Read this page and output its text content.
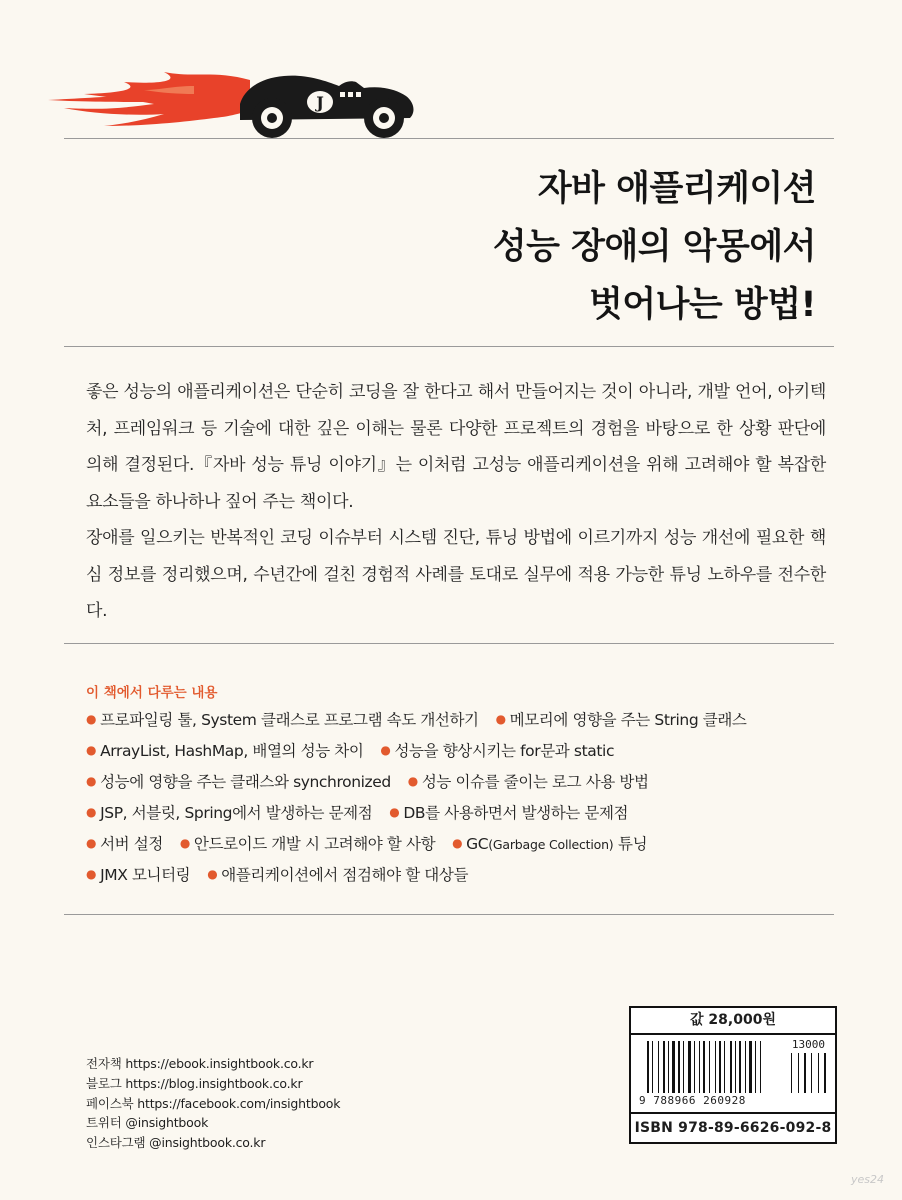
J
자바 애플리케이션
성능 장애의 악몽에서
벗어나는 방법!

좋은 성능의 애플리케이션은 단순히 코딩을 잘 한다고 해서 만들어지는 것이 아니라, 개발 언어, 아키텍처, 프레임워크 등 기술에 대한 깊은 이해는 물론 다양한 프로젝트의 경험을 바탕으로 한 상황 판단에 의해 결정된다.『자바 성능 튜닝 이야기』는 이처럼 고성능 애플리케이션을 위해 고려해야 할 복잡한 요소들을 하나하나 짚어 주는 책이다.

장애를 일으키는 반복적인 코딩 이슈부터 시스템 진단, 튜닝 방법에 이르기까지 성능 개선에 필요한 핵심 정보를 정리했으며, 수년간에 걸친 경험적 사례를 토대로 실무에 적용 가능한 튜닝 노하우를 전수한다.

이 책에서 다루는 내용
● 프로파일링 툴, System 클래스로 프로그램 속도 개선하기 ● 메모리에 영향을 주는 String 클래스
● ArrayList, HashMap, 배열의 성능 차이 ● 성능을 향상시키는 for문과 static
● 성능에 영향을 주는 클래스와 synchronized ● 성능 이슈를 줄이는 로그 사용 방법
● JSP, 서블릿, Spring에서 발생하는 문제점 ● DB를 사용하면서 발생하는 문제점
● 서버 설정 ● 안드로이드 개발 시 고려해야 할 사항 ● GC(Garbage Collection) 튜닝
● JMX 모니터링 ● 애플리케이션에서 점검해야 할 대상들
전자책 https://ebook.insightbook.co.kr
블로그 https://blog.insightbook.co.kr
페이스북 https://facebook.com/insightbook
트위터 @insightbook
인스타그램 @insightbook.co.kr
값 28,000원
13000
9 788966 260928
ISBN 978-89-6626-092-8
yes24
